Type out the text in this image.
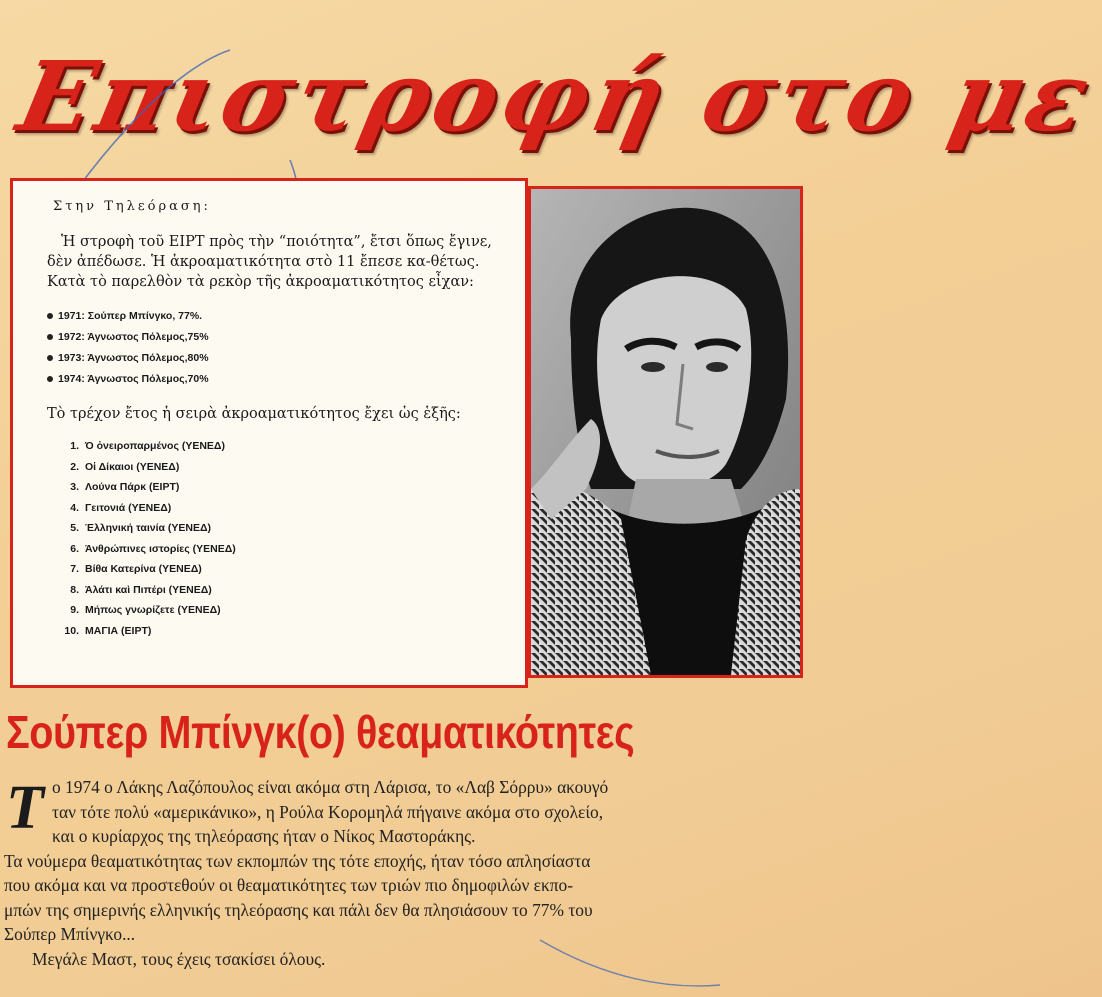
Επιστροφή στο με
Στην Τηλεόραση:

Ἡ στροφὴ τοῦ ΕΙΡΤ πρὸς τὴν “ποιότητα”, ἔτσι ὅπως ἔγινε, δὲν ἀπέδωσε. Ἡ ἀκροαματικότητα στὸ 11 ἔπεσε κα-θέτως. Κατὰ τὸ παρελθὸν τὰ ρεκὸρ τῆς ἀκροαματικότητος εἶχαν:

1971: Σούπερ Μπίνγκο, 77%.
1972: Άγνωστος Πόλεμος,75%
1973: Άγνωστος Πόλεμος,80%
1974: Άγνωστος Πόλεμος,70%

Τὸ τρέχον ἔτος ἡ σειρὰ ἀκροαματικότητος ἔχει ὡς ἑξῆς:

1. Ό ὀνειροπαρμένος (ΥΕΝΕΔ)
2. Οἱ Δίκαιοι (ΥΕΝΕΔ)
3. Λούνα Πάρκ (ΕΙΡΤ)
4. Γειτονιά (ΥΕΝΕΔ)
5. Έλληνική ταινία (ΥΕΝΕΔ)
6. Άνθρώπινες ιστορίες (ΥΕΝΕΔ)
7. Βίθα Κατερίνα (ΥΕΝΕΔ)
8. Άλάτι καὶ Πιπέρι (ΥΕΝΕΔ)
9. Μήπως γνωρίζετε (ΥΕΝΕΔ)
10. ΜΑΓΙΑ (ΕΙΡΤ)
Σούπερ Μπίνγκ(ο) θεαματικότητες
Τ ο 1974 ο Λάκης Λαζόπουλος είναι ακόμα στη Λάρισα, το «Λαβ Σόρρυ» ακουγό
ταν τότε πολύ «αμερικάνικο», η Ρούλα Κορομηλά πήγαινε ακόμα στο σχολείο,
και ο κυρίαρχος της τηλεόρασης ήταν ο Νίκος Μαστοράκης.

Τα νούμερα θεαματικότητας των εκπομπών της τότε εποχής, ήταν τόσο απλησίαστα
που ακόμα και να προστεθούν οι θεαματικότητες των τριών πιο δημοφιλών εκπο-
μπών της σημερινής ελληνικής τηλεόρασης και πάλι δεν θα πλησιάσουν το 77% του
Σούπερ Μπίνγκο...

Μεγάλε Μαστ, τους έχεις τσακίσει όλους.
